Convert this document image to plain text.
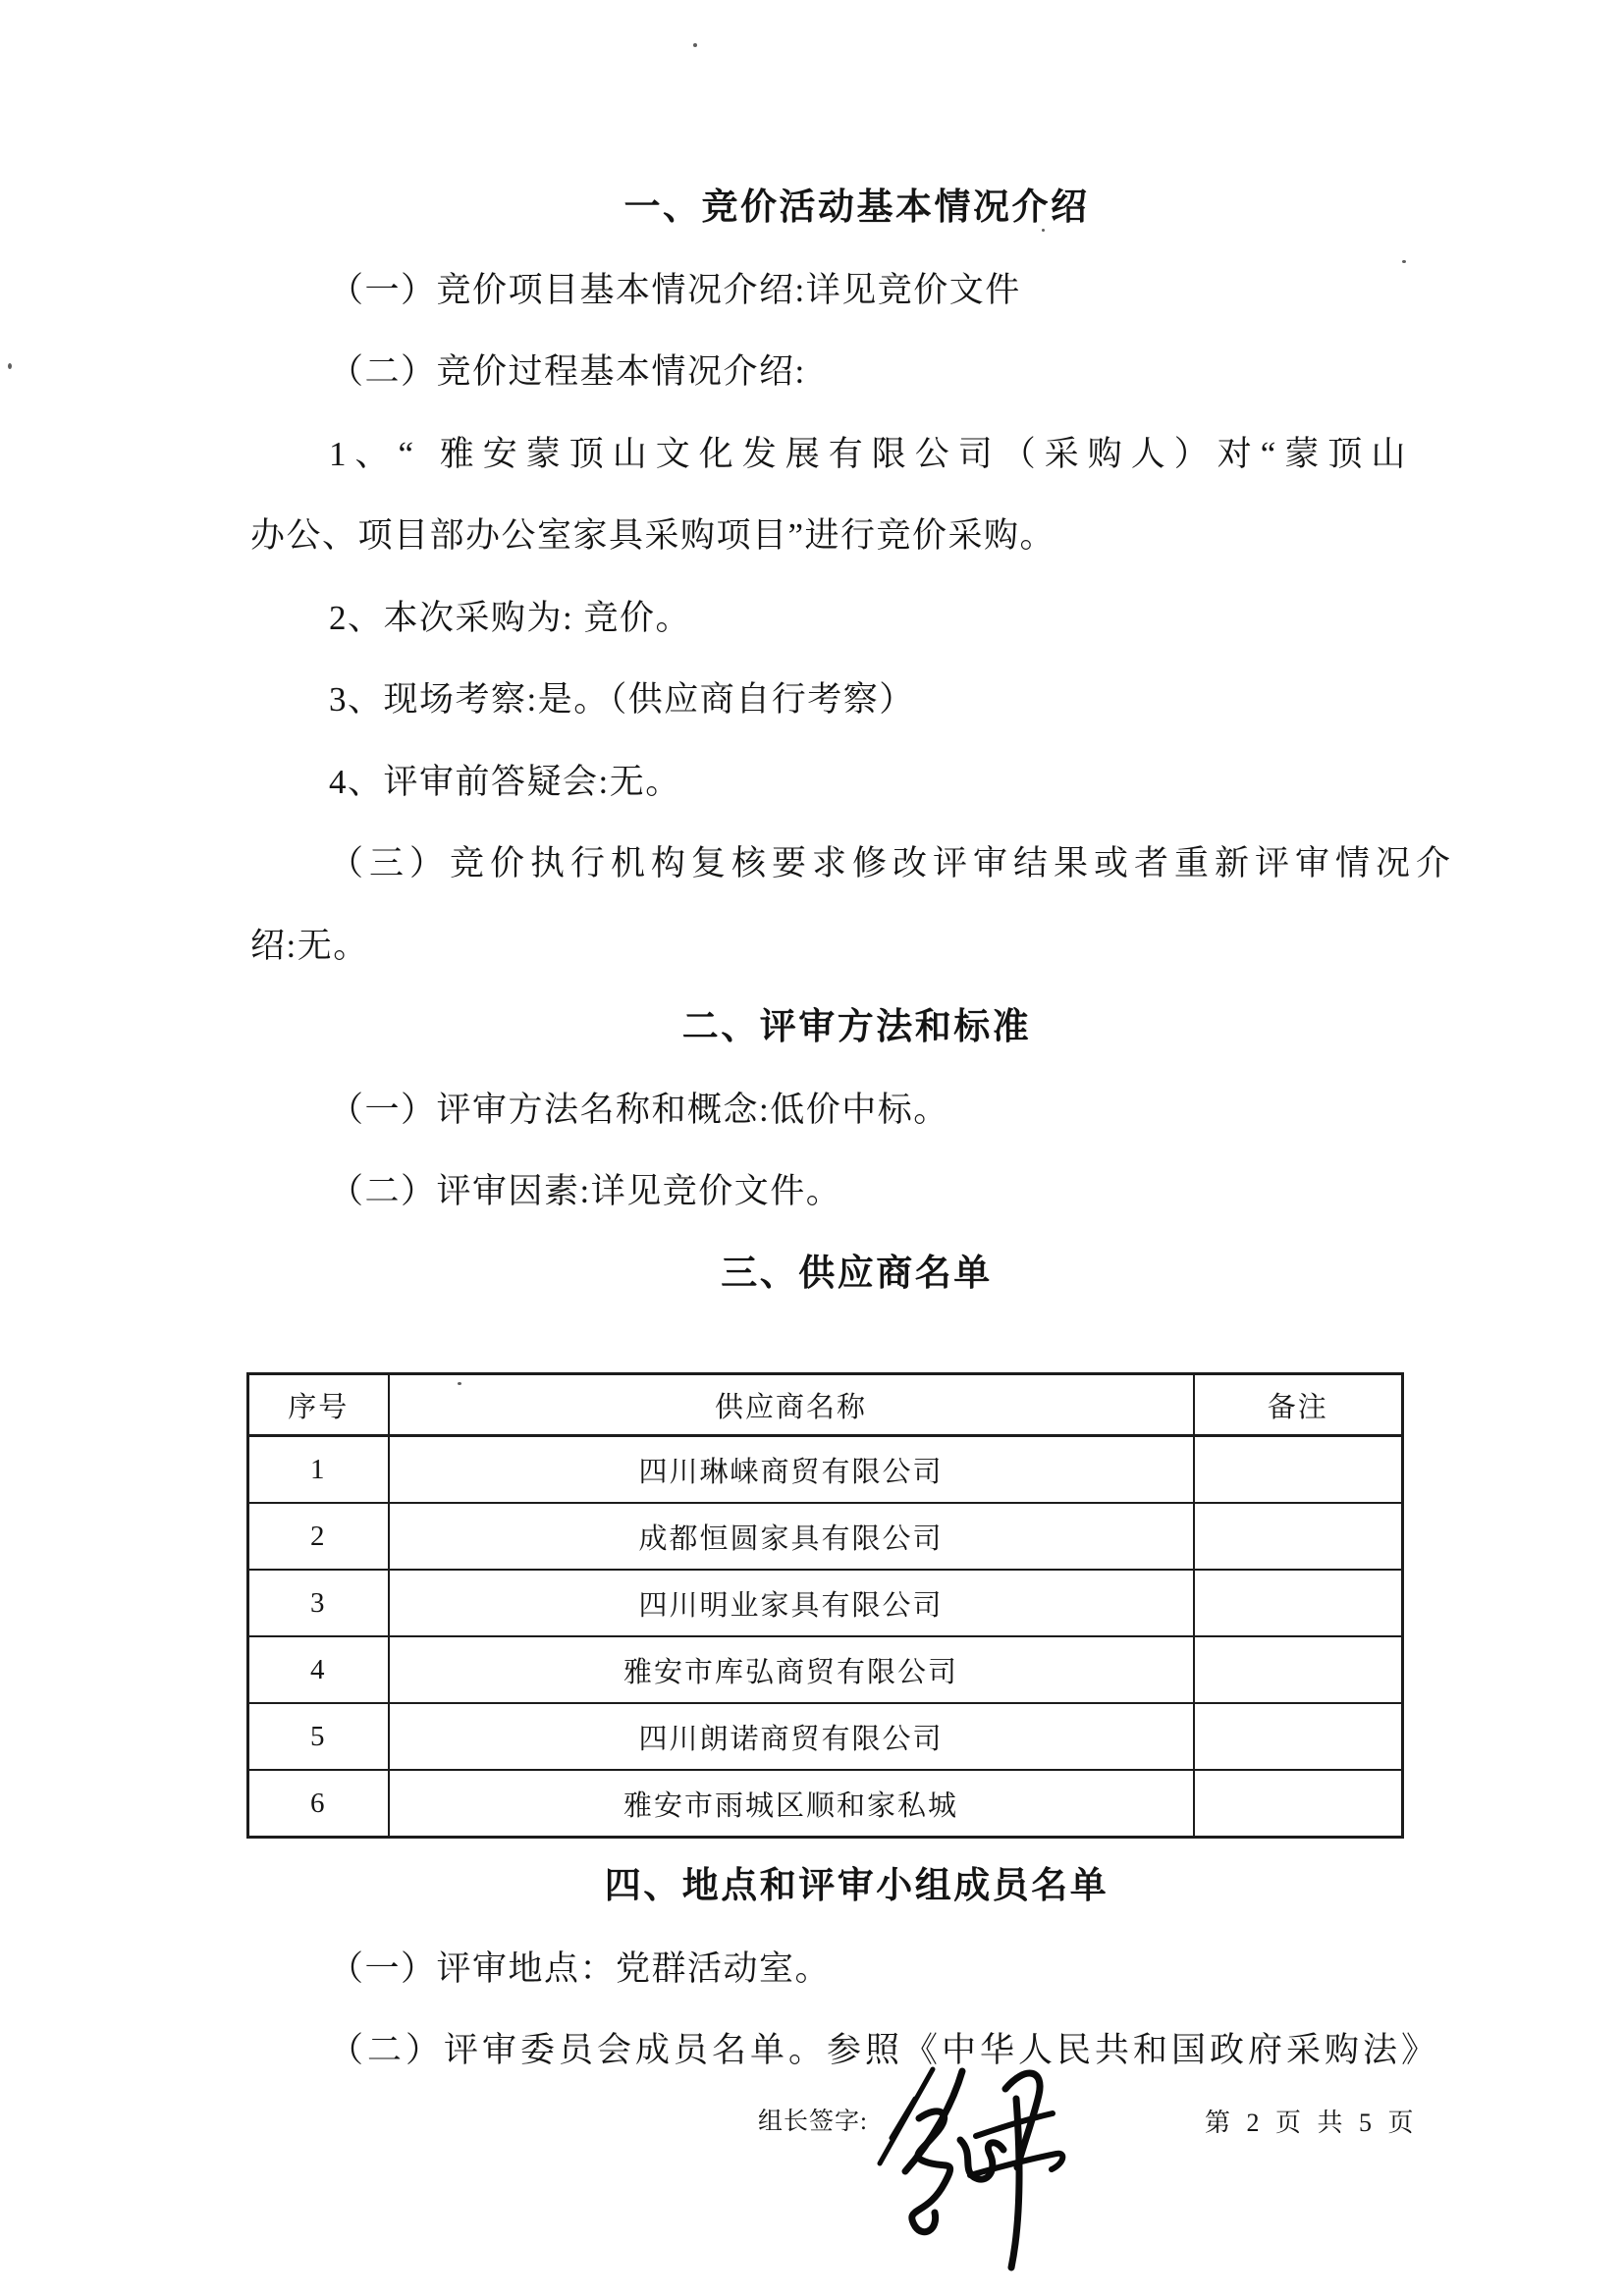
一、竞价活动基本情况介绍
（一）竞价项目基本情况介绍:详见竞价文件
（二）竞价过程基本情况介绍:
1、“ 雅安蒙顶山文化发展有限公司（采购人）对“蒙顶山
办公、项目部办公室家具采购项目”进行竞价采购。
2、本次采购为: 竞价。
3、现场考察:是。（供应商自行考察）
4、评审前答疑会:无。
（三）竞价执行机构复核要求修改评审结果或者重新评审情况介
绍:无。
二、评审方法和标准
（一）评审方法名称和概念:低价中标。
（二）评审因素:详见竞价文件。
三、供应商名单
序号	供应商名称	备注
1	四川琳崃商贸有限公司	
2	成都恒圆家具有限公司	
3	四川明业家具有限公司	
4	雅安市库弘商贸有限公司	
5	四川朗诺商贸有限公司	
6	雅安市雨城区顺和家私城	
四、地点和评审小组成员名单
（一）评审地点：党群活动室。
（二）评审委员会成员名单。参照《中华人民共和国政府采购法》
组长签字:	第 2 页 共 5 页
